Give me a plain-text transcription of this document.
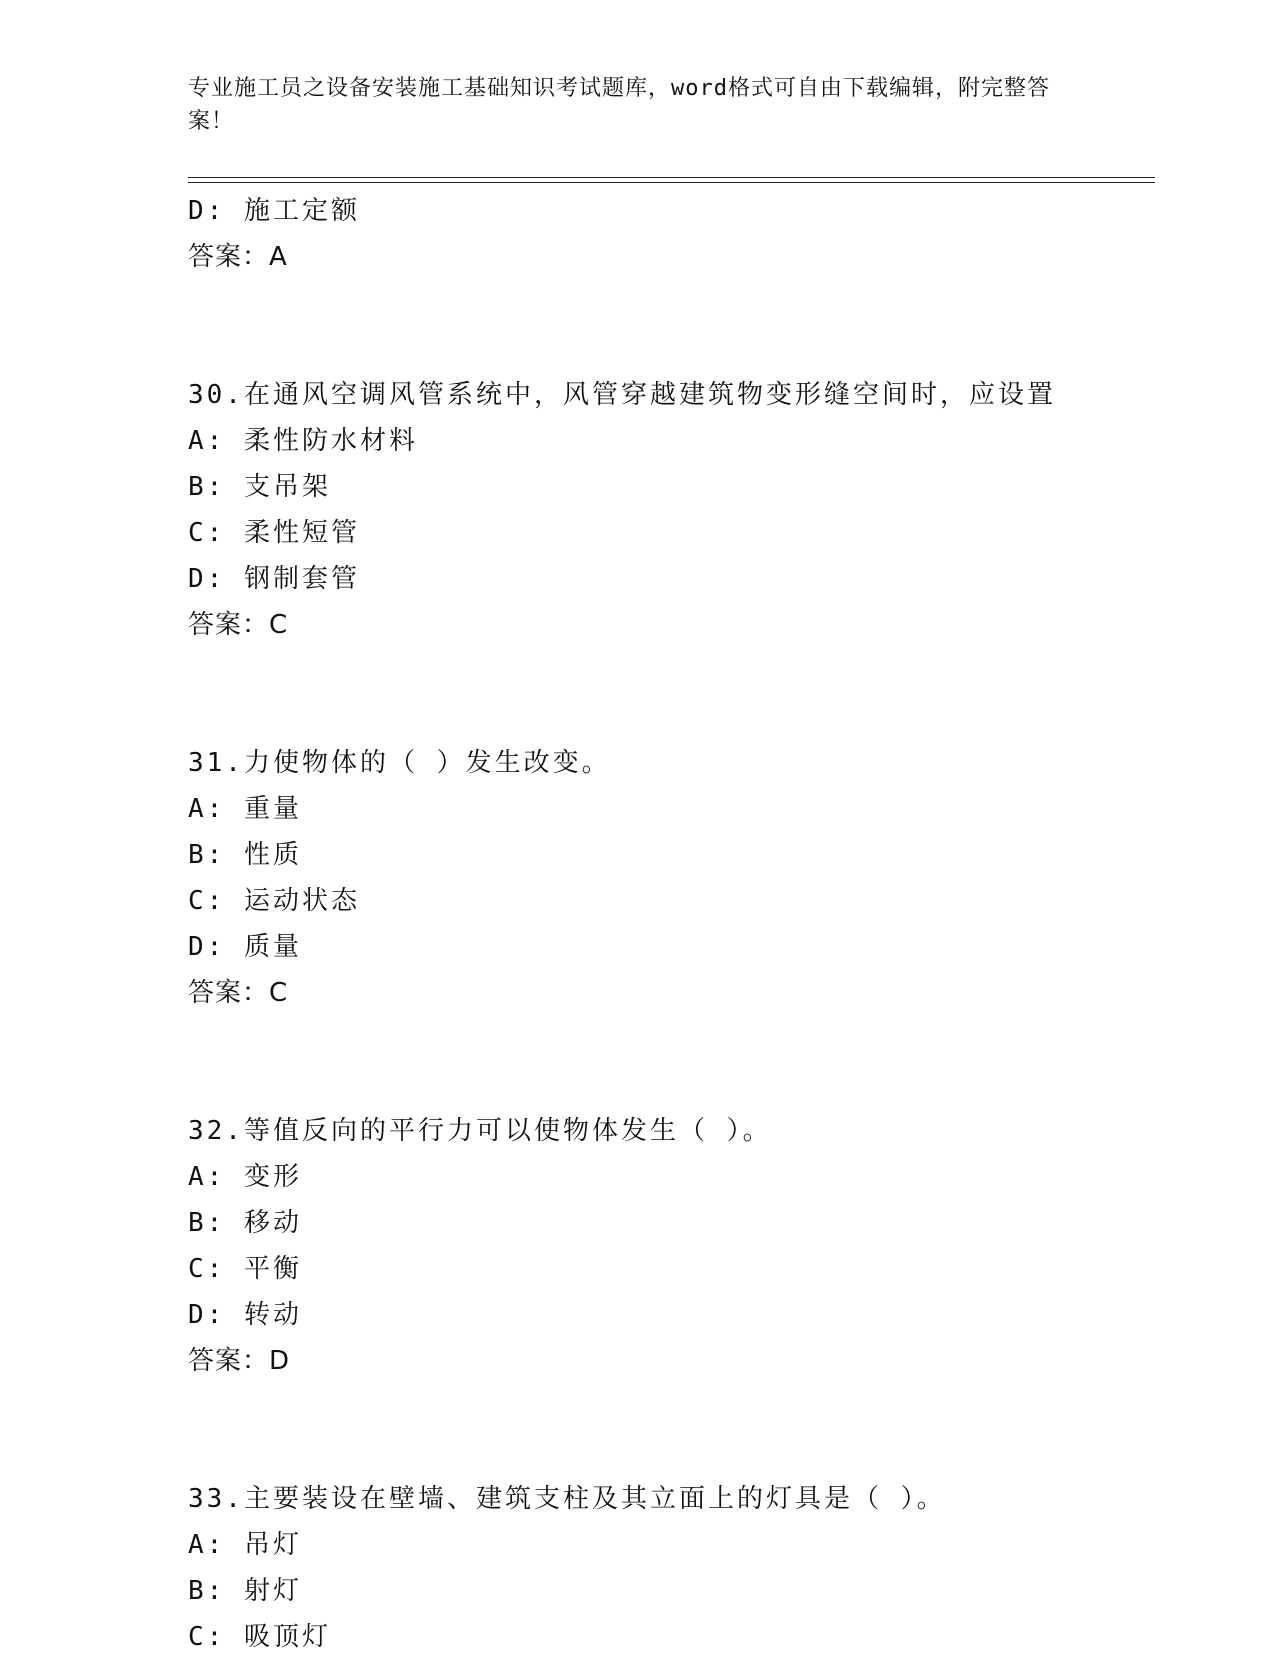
专业施工员之设备安装施工基础知识考试题库，word格式可自由下载编辑，附完整答案！
D: 施工定额
答案：A
30.在通风空调风管系统中，风管穿越建筑物变形缝空间时，应设置
A: 柔性防水材料
B: 支吊架
C: 柔性短管
D: 钢制套管
答案：C
31.力使物体的（ ）发生改变。
A: 重量
B: 性质
C: 运动状态
D: 质量
答案：C
32.等值反向的平行力可以使物体发生（ ）。
A: 变形
B: 移动
C: 平衡
D: 转动
答案：D
33.主要装设在壁墙、建筑支柱及其立面上的灯具是（ ）。
A: 吊灯
B: 射灯
C: 吸顶灯
